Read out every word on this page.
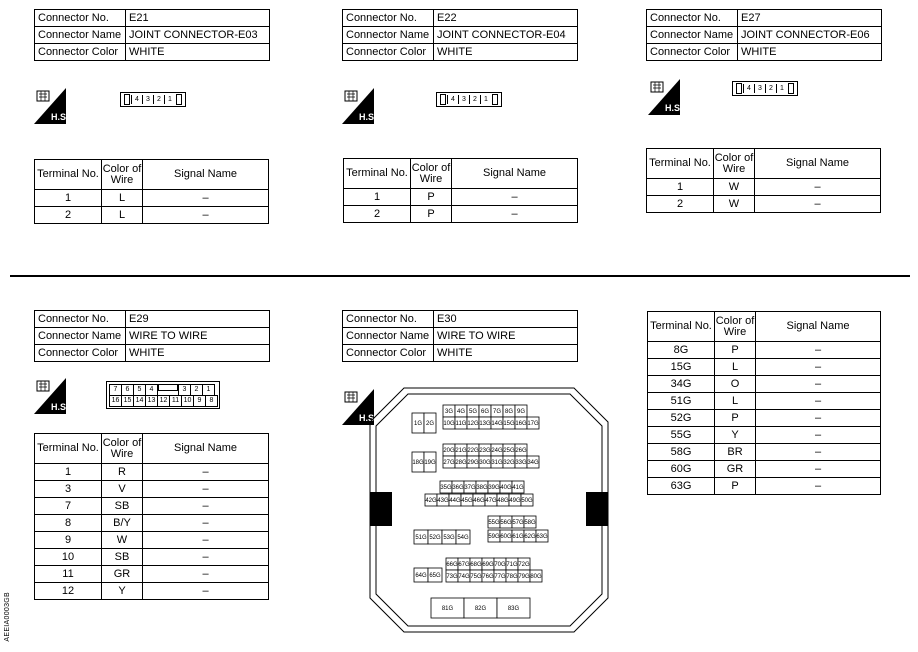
Connector No.	E21
Connector Name	JOINT CONNECTOR-E03
Connector Color	WHITE
H.S.
4	3	2	1
Terminal No.	Color of Wire	Signal Name
1	L	–
2	L	–
Connector No.	E22
Connector Name	JOINT CONNECTOR-E04
Connector Color	WHITE
H.S.
4	3	2	1
Terminal No.	Color of Wire	Signal Name
1	P	–
2	P	–
Connector No.	E27
Connector Name	JOINT CONNECTOR-E06
Connector Color	WHITE
H.S.
4	3	2	1
Terminal No.	Color of Wire	Signal Name
1	W	–
2	W	–
Connector No.	E29
Connector Name	WIRE TO WIRE
Connector Color	WHITE
H.S.
7	6	5	4	3	2	1
16 15 14 13 12 11 10 9	8
Terminal No.	Color of Wire	Signal Name
1	R	–
3	V	–
7	SB	–
8	B/Y	–
9	W	–
10	SB	–
11	GR	–
12	Y	–
Connector No.	E30
Connector Name	WIRE TO WIRE
Connector Color	WHITE
H.S.
3G 4G 5G 6G 7G 8G 9G
1G 2G 10G 11G 12G 13G 14G 15G 16G 17G
20G 21G 22G 23G 24G 25G 26G
18G 19G 27G 28G 29G 30G 31G 32G 33G 34G
35G 36G 37G 38G 39G 40G 41G
42G 43G 44G 45G 46G 47G 48G 49G 50G
55G 56G 57G 58G
51G 52G 53G 54G	59G 60G 61G 62G 63G
66G 67G 68G 69G 70G 71G 72G
64G 65G 73G 74G 75G 76G 77G 78G 79G 80G
81G	82G	83G
Terminal No.	Color of Wire	Signal Name
8G	P	–
15G	L	–
34G	O	–
51G	L	–
52G	P	–
55G	Y	–
58G	BR	–
60G	GR	–
63G	P	–
AEEIA0003GB
